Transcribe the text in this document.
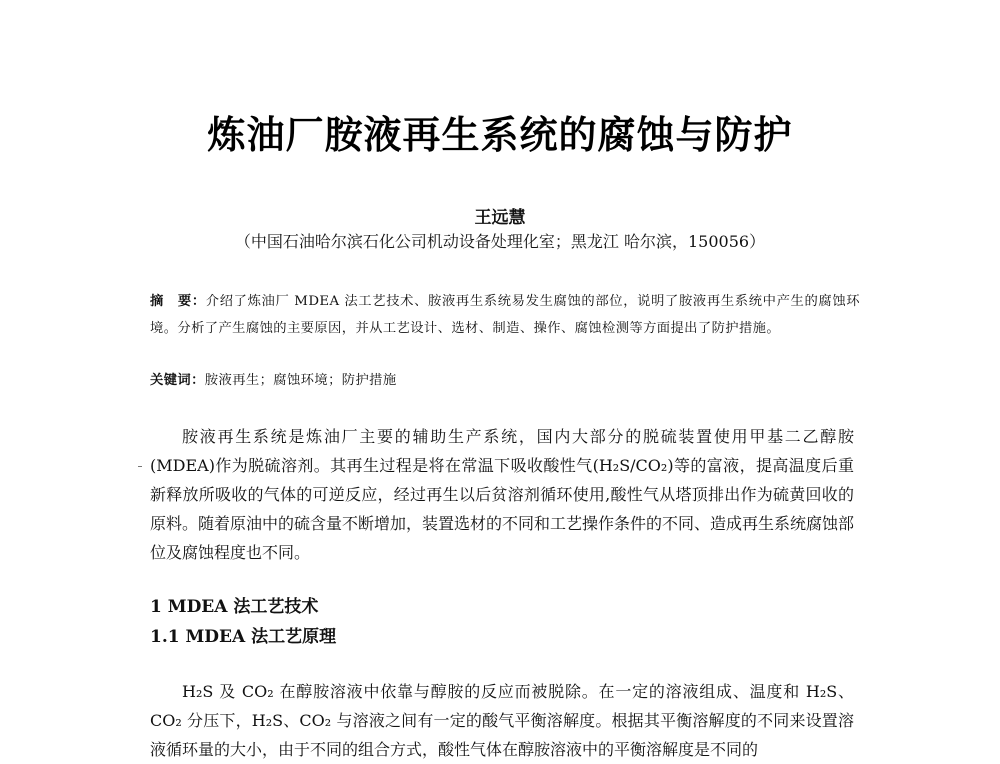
炼油厂胺液再生系统的腐蚀与防护
王远慧
（中国石油哈尔滨石化公司机动设备处理化室；黑龙江 哈尔滨，150056）
摘　要：介绍了炼油厂 MDEA 法工艺技术、胺液再生系统易发生腐蚀的部位，说明了胺液再生系统中产生的腐蚀环境。分析了产生腐蚀的主要原因，并从工艺设计、选材、制造、操作、腐蚀检测等方面提出了防护措施。
关键词：胺液再生；腐蚀环境；防护措施

胺液再生系统是炼油厂主要的辅助生产系统，国内大部分的脱硫装置使用甲基二乙醇胺(MDEA)作为脱硫溶剂。其再生过程是将在常温下吸收酸性气(H₂S/CO₂)等的富液，提高温度后重新释放所吸收的气体的可逆反应，经过再生以后贫溶剂循环使用,酸性气从塔顶排出作为硫黄回收的原料。随着原油中的硫含量不断增加，装置选材的不同和工艺操作条件的不同、造成再生系统腐蚀部位及腐蚀程度也不同。

1 MDEA 法工艺技术
1.1 MDEA 法工艺原理

H₂S 及 CO₂ 在醇胺溶液中依靠与醇胺的反应而被脱除。在一定的溶液组成、温度和 H₂S、CO₂ 分压下，H₂S、CO₂ 与溶液之间有一定的酸气平衡溶解度。根据其平衡溶解度的不同来设置溶液循环量的大小，由于不同的组合方式，酸性气体在醇胺溶液中的平衡溶解度是不同的
